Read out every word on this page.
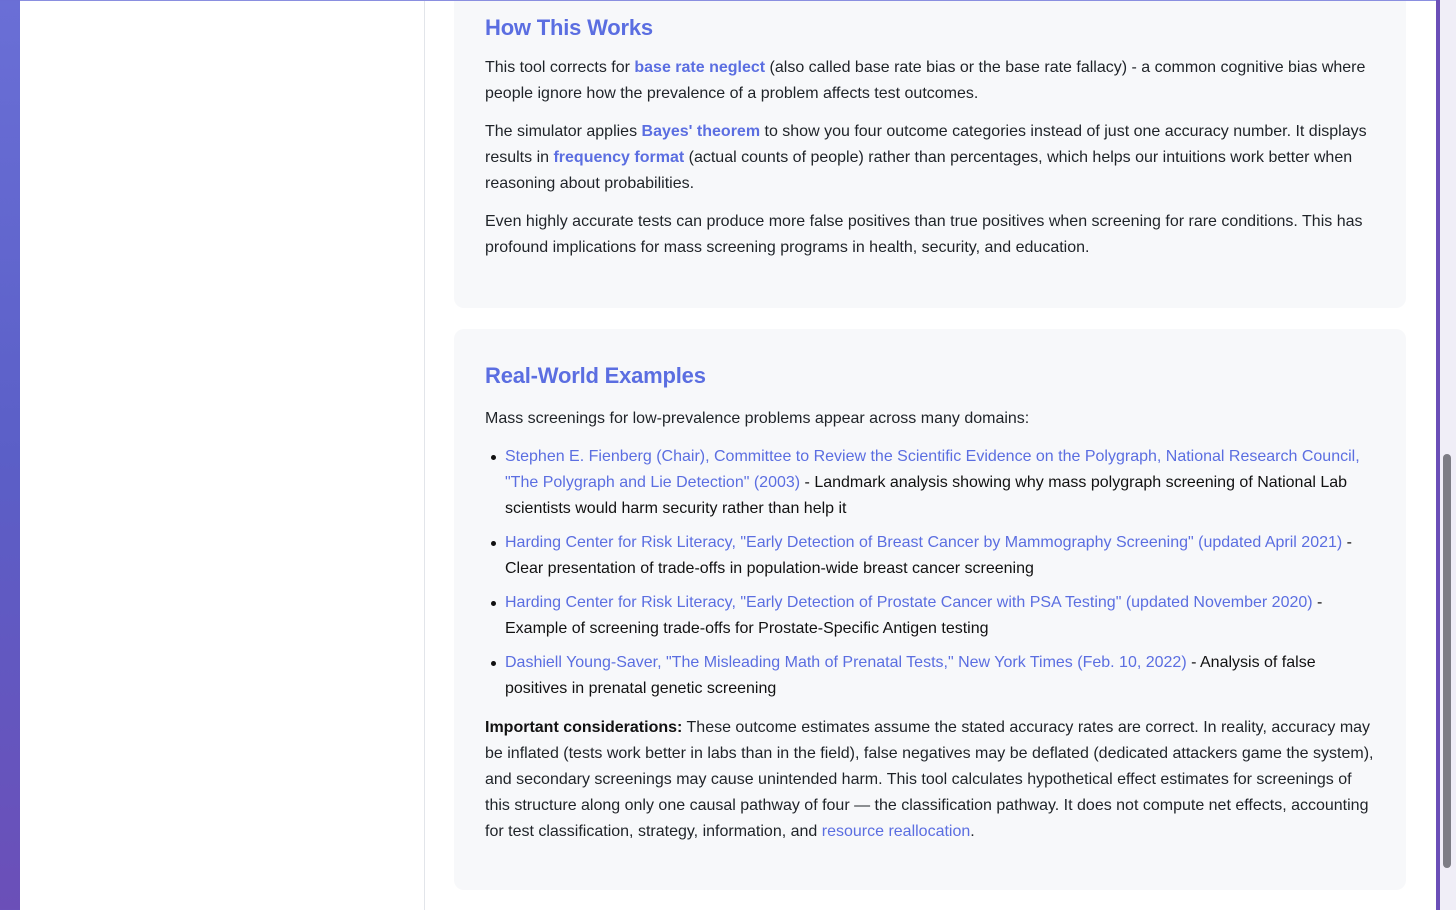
How This Works

This tool corrects for base rate neglect (also called base rate bias or the base rate fallacy) - a common cognitive bias where people ignore how the prevalence of a problem affects test outcomes.

The simulator applies Bayes' theorem to show you four outcome categories instead of just one accuracy number. It displays results in frequency format (actual counts of people) rather than percentages, which helps our intuitions work better when reasoning about probabilities.

Even highly accurate tests can produce more false positives than true positives when screening for rare conditions. This has profound implications for mass screening programs in health, security, and education.

Real-World Examples

Mass screenings for low-prevalence problems appear across many domains:

Stephen E. Fienberg (Chair), Committee to Review the Scientific Evidence on the Polygraph, National Research Council, "The Polygraph and Lie Detection" (2003) - Landmark analysis showing why mass polygraph screening of National Lab scientists would harm security rather than help it
Harding Center for Risk Literacy, "Early Detection of Breast Cancer by Mammography Screening" (updated April 2021) - Clear presentation of trade-offs in population-wide breast cancer screening
Harding Center for Risk Literacy, "Early Detection of Prostate Cancer with PSA Testing" (updated November 2020) - Example of screening trade-offs for Prostate-Specific Antigen testing
Dashiell Young-Saver, "The Misleading Math of Prenatal Tests," New York Times (Feb. 10, 2022) - Analysis of false positives in prenatal genetic screening

Important considerations: These outcome estimates assume the stated accuracy rates are correct. In reality, accuracy may be inflated (tests work better in labs than in the field), false negatives may be deflated (dedicated attackers game the system), and secondary screenings may cause unintended harm. This tool calculates hypothetical effect estimates for screenings of this structure along only one causal pathway of four — the classification pathway. It does not compute net effects, accounting for test classification, strategy, information, and resource reallocation.
